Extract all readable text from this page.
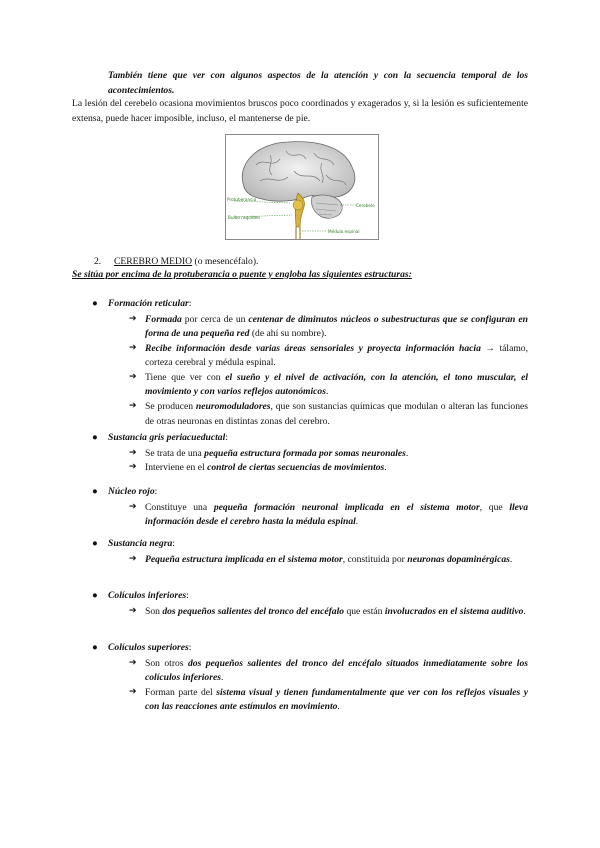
También tiene que ver con algunos aspectos de la atención y con la secuencia temporal de los acontecimientos.
La lesión del cerebelo ocasiona movimientos bruscos poco coordinados y exagerados y, si la lesión es suficientemente extensa, puede hacer imposible, incluso, el mantenerse de pie.
Protuberancia
Cerebelo
Bulbo raquídeo
Médula espinal
2. CEREBRO MEDIO (o mesencéfalo).
Se sitúa por encima de la protuberancia o puente y engloba las siguientes estructuras:
● Formación reticular:
➔ Formada por cerca de un centenar de diminutos núcleos o subestructuras que se configuran en forma de una pequeña red (de ahí su nombre).
➔ Recibe información desde varias áreas sensoriales y proyecta información hacia → tálamo, corteza cerebral y médula espinal.
➔ Tiene que ver con el sueño y el nivel de activación, con la atención, el tono muscular, el movimiento y con varios reflejos autonómicos.
➔ Se producen neuromoduladores, que son sustancias químicas que modulan o alteran las funciones de otras neuronas en distintas zonas del cerebro.
● Sustancia gris periacueductal:
➔ Se trata de una pequeña estructura formada por somas neuronales.
➔ Interviene en el control de ciertas secuencias de movimientos.
● Núcleo rojo:
➔ Constituye una pequeña formación neuronal implicada en el sistema motor, que lleva información desde el cerebro hasta la médula espinal.
● Sustancia negra:
➔ Pequeña estructura implicada en el sistema motor, constituida por neuronas dopaminérgicas.
● Colículos inferiores:
➔ Son dos pequeños salientes del tronco del encéfalo que están involucrados en el sistema auditivo.
● Colículos superiores:
➔ Son otros dos pequeños salientes del tronco del encéfalo situados inmediatamente sobre los colículos inferiores.
➔ Forman parte del sistema visual y tienen fundamentalmente que ver con los reflejos visuales y con las reacciones ante estímulos en movimiento.
